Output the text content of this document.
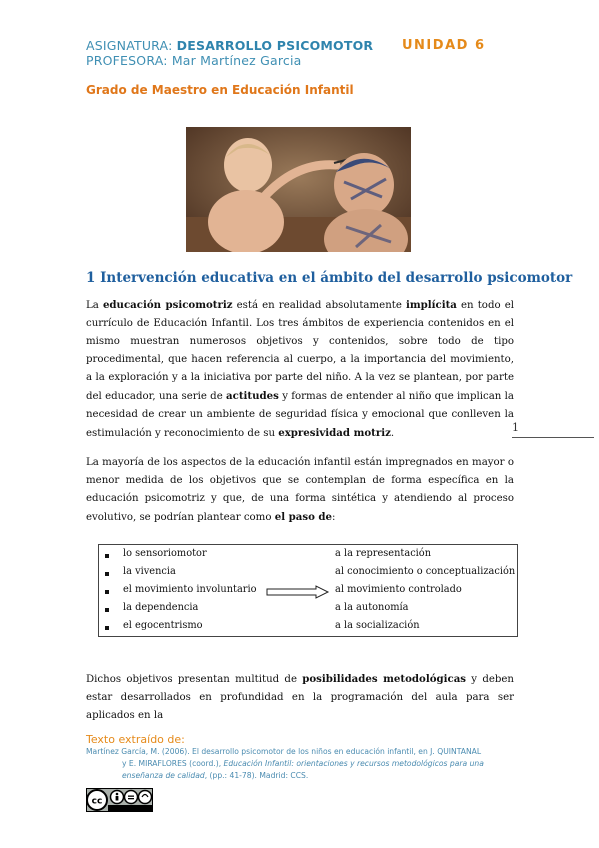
ASIGNATURA: DESARROLLO PSICOMOTOR UNIDAD 6
PROFESORA: Mar Martínez Garcia
Grado de Maestro en Educación Infantil
1 Intervención educativa en el ámbito del desarrollo psicomotor
La educación psicomotriz está en realidad absolutamente implícita en todo el currículo de Educación Infantil. Los tres ámbitos de experiencia contenidos en el mismo muestran numerosos objetivos y contenidos, sobre todo de tipo procedimental, que hacen referencia al cuerpo, a la importancia del movimiento, a la exploración y a la iniciativa por parte del niño. A la vez se plantean, por parte del educador, una serie de actitudes y formas de entender al niño que implican la necesidad de crear un ambiente de seguridad física y emocional que conlleven la estimulación y reconocimiento de su expresividad motriz.	1
La mayoría de los aspectos de la educación infantil están impregnados en mayor o menor medida de los objetivos que se contemplan de forma específica en la educación psicomotriz y que, de una forma sintética y atendiendo al proceso evolutivo, se podrían plantear como el paso de:
lo sensoriomotor	a la representación
la vivencia	al conocimiento o conceptualización
el movimiento involuntario	al movimiento controlado
la dependencia	a la autonomía
el egocentrismo	a la socialización
Dichos objetivos presentan multitud de posibilidades metodológicas y deben estar desarrollados en profundidad en la programación del aula para ser aplicados en la
Texto extraído de:
Martínez García, M. (2006). El desarrollo psicomotor de los niños en educación infantil, en J. QUINTANAL
y E. MIRAFLORES (coord.), Educación Infantil: orientaciones y recursos metodológicos para una enseñanza de calidad, (pp.: 41-78). Madrid: CCS.
cc
